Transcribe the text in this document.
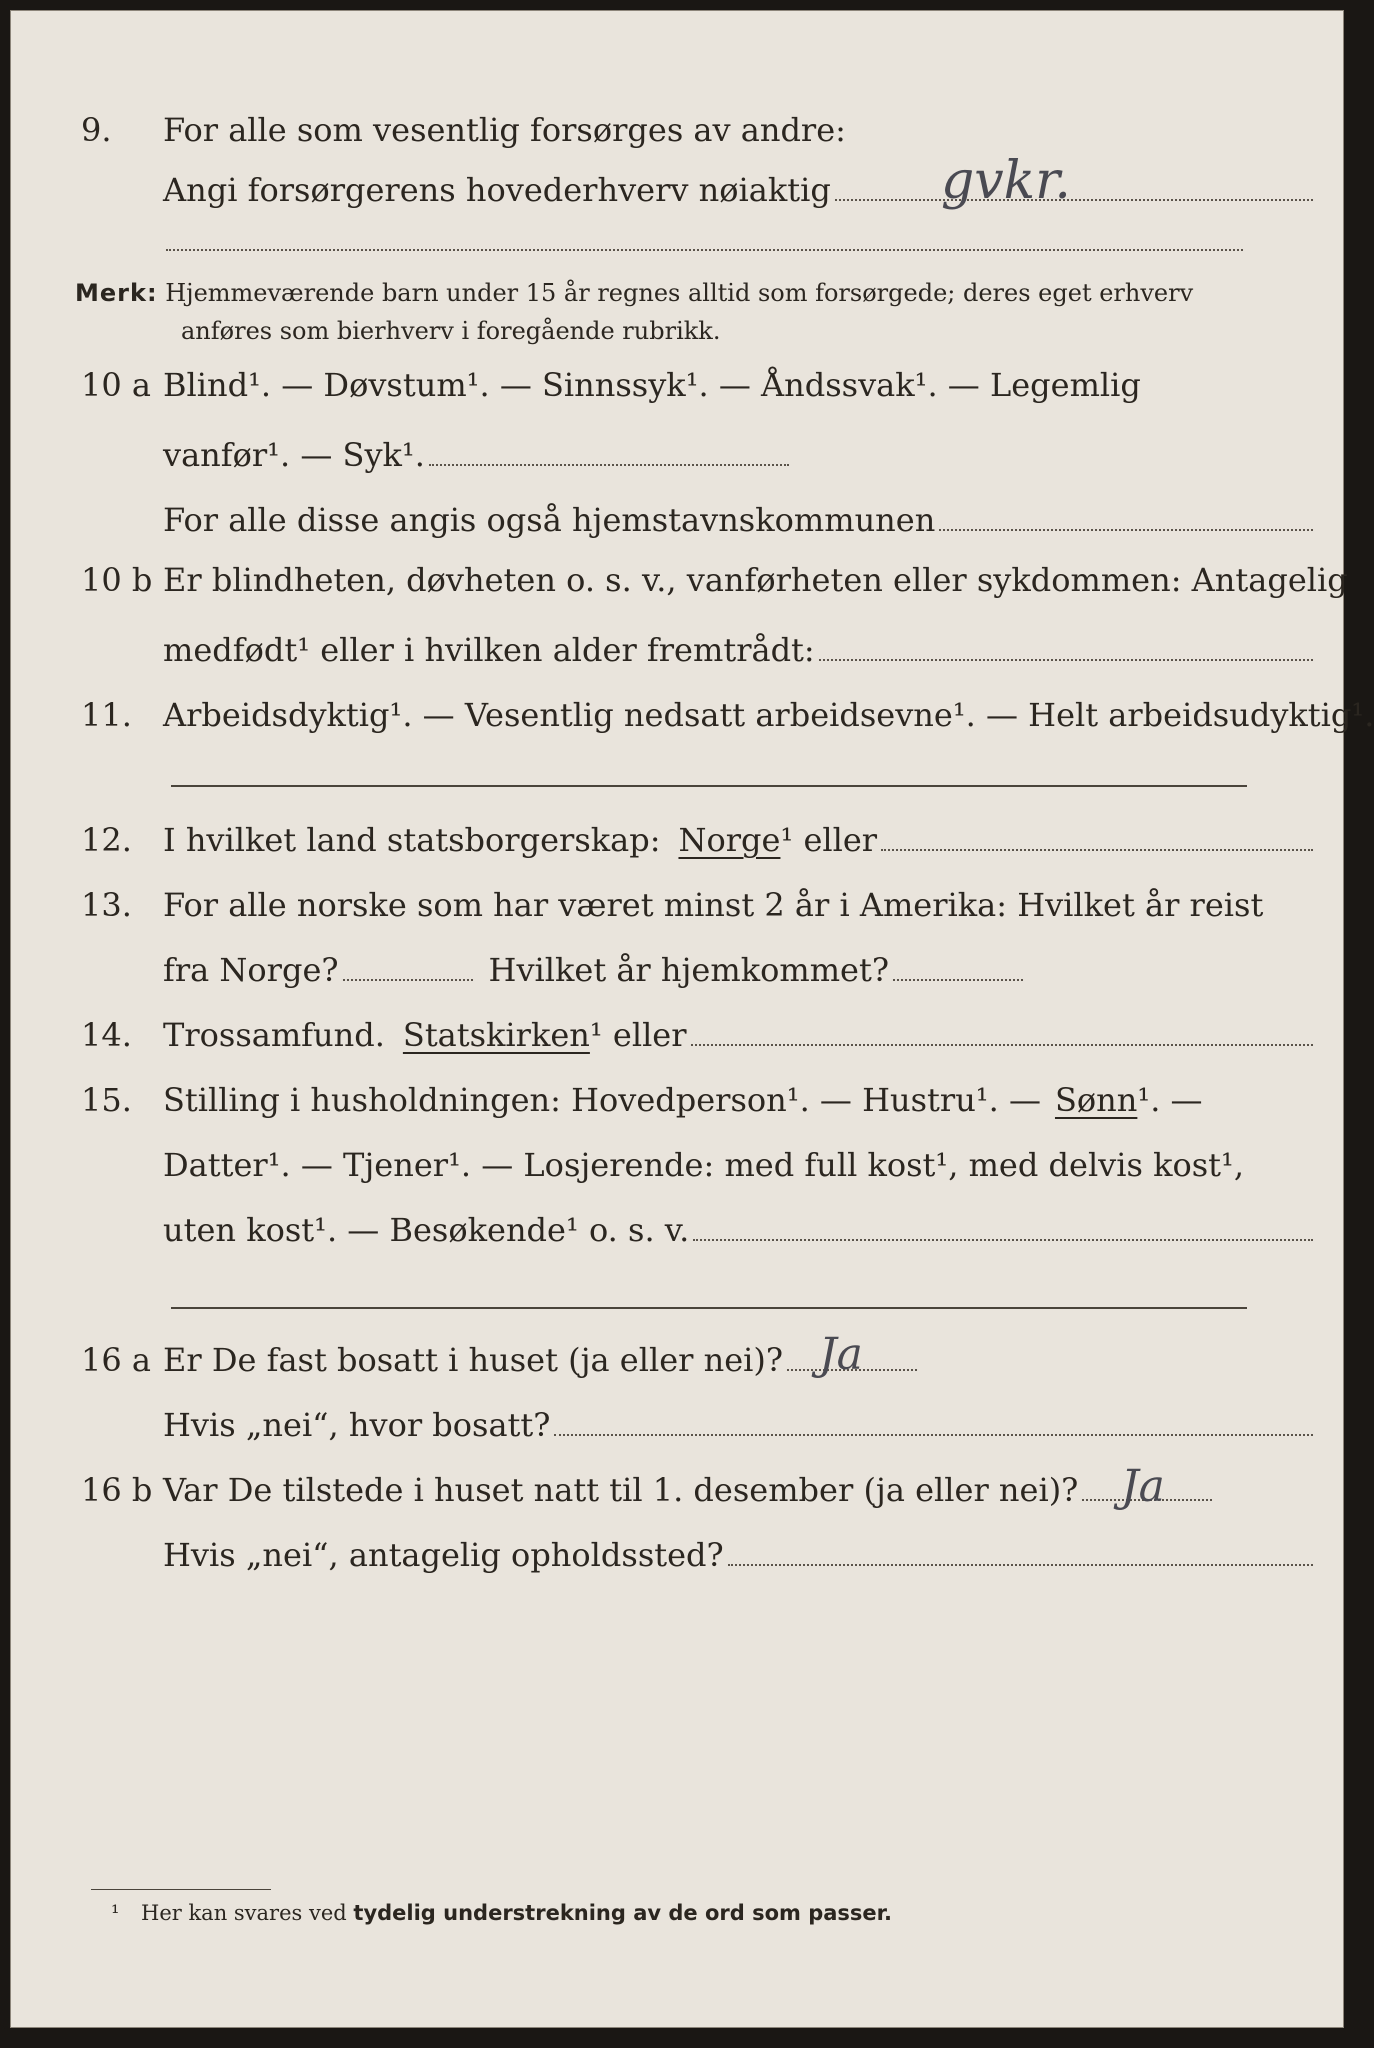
9.	For alle som vesentlig forsørges av andre:
Angi forsørgerens hovederhverv nøiaktig gvkr.
Merk: Hjemmeværende barn under 15 år regnes alltid som forsørgede; deres eget erhverv
anføres som bierhverv i foregående rubrikk.
10 a Blind¹. — Døvstum¹. — Sinnssyk¹. — Åndssvak¹. — Legemlig
vanfør¹. — Syk¹.
For alle disse angis også hjemstavnskommunen
10 b Er blindheten, døvheten o. s. v., vanførheten eller sykdommen: Antagelig
medfødt¹ eller i hvilken alder fremtrådt:
11. Arbeidsdyktig¹. — Vesentlig nedsatt arbeidsevne¹. — Helt arbeidsudyktig¹.
12. I hvilket land statsborgerskap: Norge ¹ eller
13. For alle norske som har været minst 2 år i Amerika: Hvilket år reist
fra Norge?	Hvilket år hjemkommet?
14. Trossamfund. Statskirken ¹ eller
15. Stilling i husholdningen: Hovedperson¹. — Hustru¹. — Sønn ¹. —
Datter¹. — Tjener¹. — Losjerende: med full kost¹, med delvis kost¹,
uten kost¹. — Besøkende¹ o. s. v.
16 a Er De fast bosatt i huset (ja eller nei)? Ja
Hvis „nei“, hvor bosatt?
16 b Var De tilstede i huset natt til 1. desember (ja eller nei)? Ja
Hvis „nei“, antagelig opholdssted?
¹ Her kan svares ved tydelig understrekning av de ord som passer.
